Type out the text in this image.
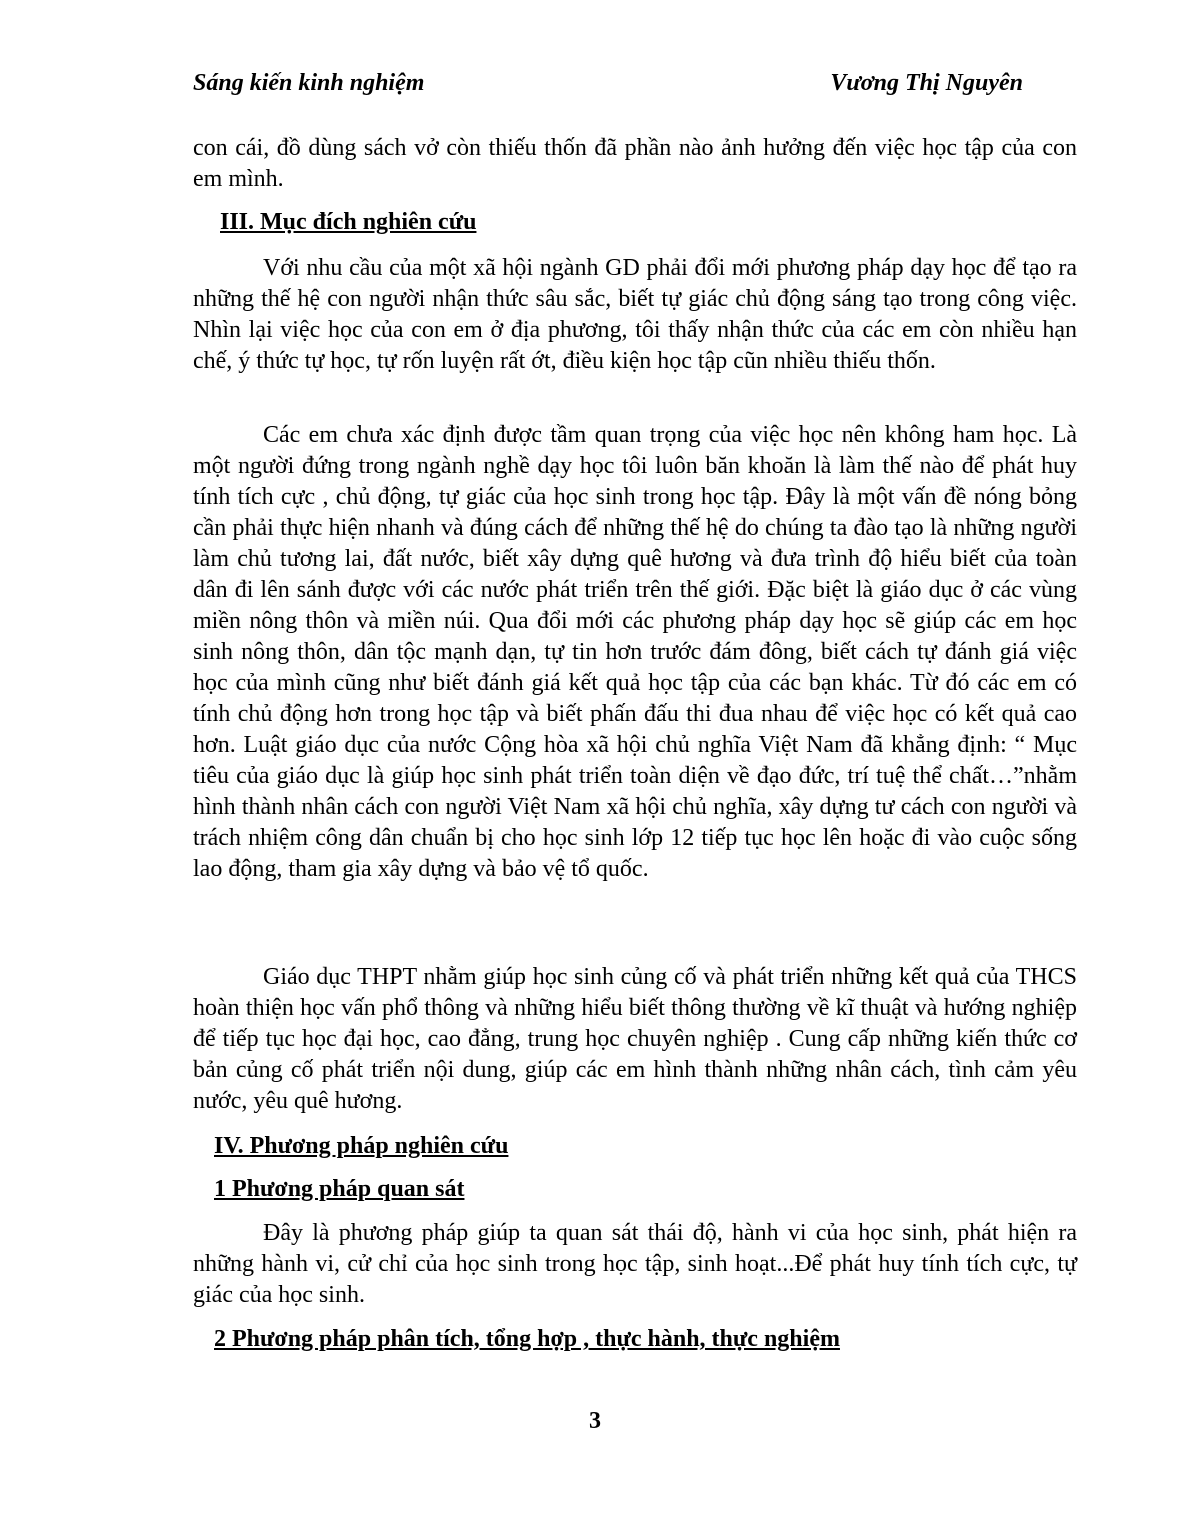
Sáng kiến kinh nghiệm	Vương Thị Nguyên
con cái, đồ dùng sách vở còn thiếu thốn đã phần nào ảnh hưởng đến việc học tập của con em mình.
III. Mục đích nghiên cứu
Với nhu cầu của một xã hội ngành GD phải đổi mới phương pháp dạy học để tạo ra những thế hệ con người nhận thức sâu sắc, biết tự giác chủ động sáng tạo trong công việc. Nhìn lại việc học của con em ở địa phương, tôi thấy nhận thức của các em còn nhiều hạn chế, ý thức tự học, tự rốn luyện rất ớt, điều kiện học tập cũn nhiều thiếu thốn.
Các em chưa xác định được tầm quan trọng của việc học nên không ham học. Là một người đứng trong ngành nghề dạy học tôi luôn băn khoăn là làm thế nào để phát huy tính tích cực , chủ động, tự giác của học sinh trong học tập. Đây là một vấn đề nóng bỏng cần phải thực hiện nhanh và đúng cách để những thế hệ do chúng ta đào tạo là những người làm chủ tương lai, đất nước, biết xây dựng quê hương và đưa trình độ hiểu biết của toàn dân đi lên sánh được với các nước phát triển trên thế giới. Đặc biệt là giáo dục ở các vùng miền nông thôn và miền núi. Qua đổi mới các phương pháp dạy học sẽ giúp các em học sinh nông thôn, dân tộc mạnh dạn, tự tin hơn trước đám đông, biết cách tự đánh giá việc học của mình cũng như biết đánh giá kết quả học tập của các bạn khác. Từ đó các em có tính chủ động hơn trong học tập và biết phấn đấu thi đua nhau để việc học có kết quả cao hơn. Luật giáo dục của nước Cộng hòa xã hội chủ nghĩa Việt Nam đã khẳng định: “ Mục tiêu của giáo dục là giúp học sinh phát triển toàn diện về đạo đức, trí tuệ thể chất…”nhằm hình thành nhân cách con người Việt Nam xã hội chủ nghĩa, xây dựng tư cách con người và trách nhiệm công dân chuẩn bị cho học sinh lớp 12 tiếp tục học lên hoặc đi vào cuộc sống lao động, tham gia xây dựng và bảo vệ tổ quốc.
Giáo dục THPT nhằm giúp học sinh củng cố và phát triển những kết quả của THCS hoàn thiện học vấn phổ thông và những hiểu biết thông thường về kĩ thuật và hướng nghiệp để tiếp tục học đại học, cao đẳng, trung học chuyên nghiệp . Cung cấp những kiến thức cơ bản củng cố phát triển nội dung, giúp các em hình thành những nhân cách, tình cảm yêu nước, yêu quê hương.
IV. Phương pháp nghiên cứu
1 Phương pháp quan sát
Đây là phương pháp giúp ta quan sát thái độ, hành vi của học sinh, phát hiện ra những hành vi, cử chỉ của học sinh trong học tập, sinh hoạt...Để phát huy tính tích cực, tự giác của học sinh.
2 Phương pháp phân tích, tổng hợp , thực hành, thực nghiệm
3
